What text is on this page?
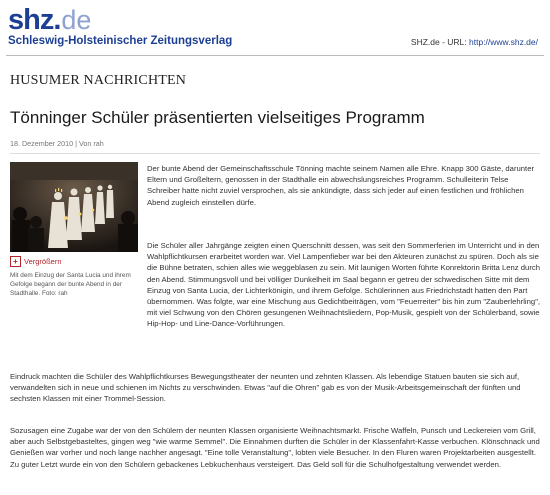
shz.de
Schleswig-Holsteinischer Zeitungsverlag	SHZ.de - URL: http://www.shz.de/
HUSUMER NACHRICHTEN
Tönninger Schüler präsentierten vielseitiges Programm
18. Dezember 2010 | Von rah
+ Vergrößern
Mit dem Einzug der Santa Lucia und ihrem Gefolge begann der bunte Abend in der Stadthalle. Foto: rah
Der bunte Abend der Gemeinschaftsschule Tönning machte seinem Namen alle Ehre. Knapp 300 Gäste, darunter Eltern und Großeltern, genossen in der Stadthalle ein abwechslungsreiches Programm. Schulleiterin Telse Schreiber hatte nicht zuviel versprochen, als sie ankündigte, dass sich jeder auf einen festlichen und fröhlichen Abend zugleich einstellen dürfe.
Die Schüler aller Jahrgänge zeigten einen Querschnitt dessen, was seit den Sommerferien im Unterricht und in den Wahlpflichtkursen erarbeitet worden war. Viel Lampenfieber war bei den Akteuren zunächst zu spüren. Doch als sie die Bühne betraten, schien alles wie weggeblasen zu sein. Mit launigen Worten führte Konrektorin Britta Lenz durch den Abend. Stimmungsvoll und bei völliger Dunkelheit im Saal begann er getreu der schwedischen Sitte mit dem Einzug von Santa Lucia, der Lichterkönigin, und ihrem Gefolge. Schülerinnen aus Friedrichstadt hatten den Part übernommen. Was folgte, war eine Mischung aus Gedichtbeiträgen, vom "Feuerreiter" bis hin zum "Zauberlehrling", mit viel Schwung von den Chören gesungenen Weihnachtsliedern, Pop-Musik, gespielt von der Schülerband, sowie Hip-Hop- und Line-Dance-Vorführungen.
Eindruck machten die Schüler des Wahlpflichtkurses Bewegungstheater der neunten und zehnten Klassen. Als lebendige Statuen bauten sie sich auf, verwandelten sich in neue und schienen im Nichts zu verschwinden. Etwas "auf die Ohren" gab es von der Musik-Arbeitsgemeinschaft der fünften und sechsten Klassen mit einer Trommel-Session.
Sozusagen eine Zugabe war der von den Schülern der neunten Klassen organisierte Weihnachtsmarkt. Frische Waffeln, Punsch und Leckereien vom Grill, aber auch Selbstgebasteltes, gingen weg "wie warme Semmel". Die Einnahmen durften die Schüler in der Klassenfahrt-Kasse verbuchen. Klönschnack und Genießen war vorher und noch lange nachher angesagt. "Eine tolle Veranstaltung", lobten viele Besucher. In den Fluren waren Projektarbeiten ausgestellt. Zu guter Letzt wurde ein von den Schülern gebackenes Lebkuchenhaus versteigert. Das Geld soll für die Schulhofgestaltung verwendet werden.
